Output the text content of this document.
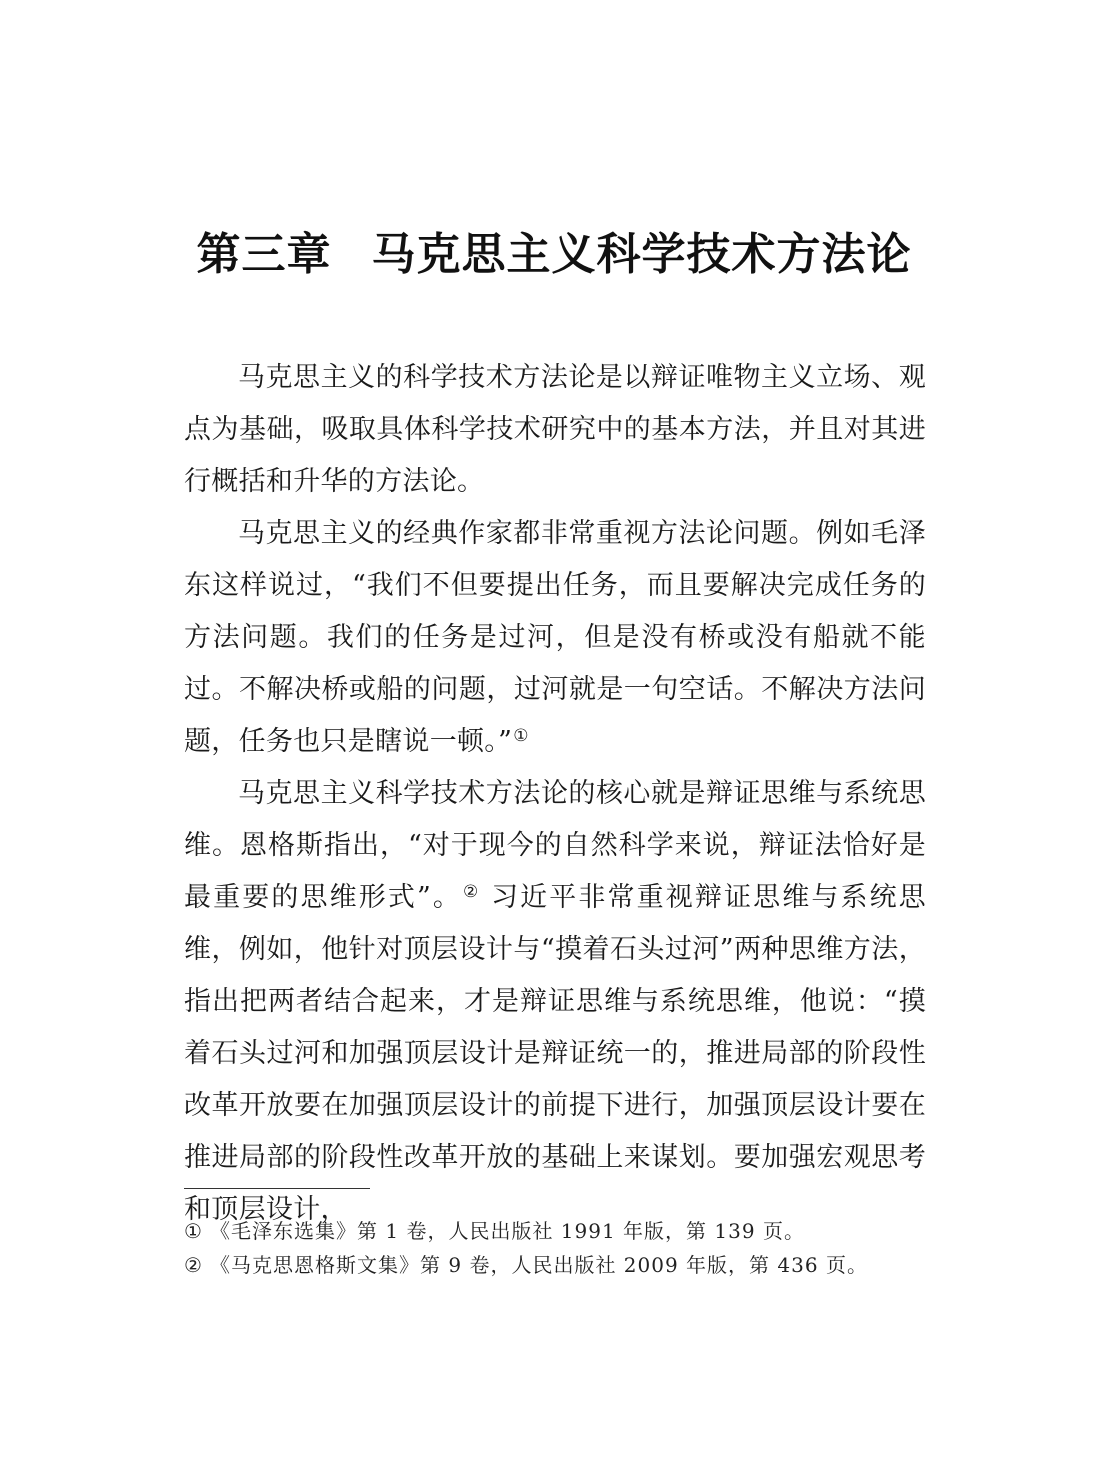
第三章 马克思主义科学技术方法论

马克思主义的科学技术方法论是以辩证唯物主义立场、观点为基础，吸取具体科学技术研究中的基本方法，并且对其进行概括和升华的方法论。

马克思主义的经典作家都非常重视方法论问题。例如毛泽东这样说过，“我们不但要提出任务，而且要解决完成任务的方法问题。我们的任务是过河，但是没有桥或没有船就不能过。不解决桥或船的问题，过河就是一句空话。不解决方法问题，任务也只是瞎说一顿。”①

马克思主义科学技术方法论的核心就是辩证思维与系统思维。恩格斯指出，“对于现今的自然科学来说，辩证法恰好是最重要的思维形式”。② 习近平非常重视辩证思维与系统思维，例如，他针对顶层设计与“摸着石头过河”两种思维方法，指出把两者结合起来，才是辩证思维与系统思维，他说：“摸着石头过河和加强顶层设计是辩证统一的，推进局部的阶段性改革开放要在加强顶层设计的前提下进行，加强顶层设计要在推进局部的阶段性改革开放的基础上来谋划。要加强宏观思考和顶层设计，

① 《毛泽东选集》第 1 卷，人民出版社 1991 年版，第 139 页。
② 《马克思恩格斯文集》第 9 卷，人民出版社 2009 年版，第 436 页。
